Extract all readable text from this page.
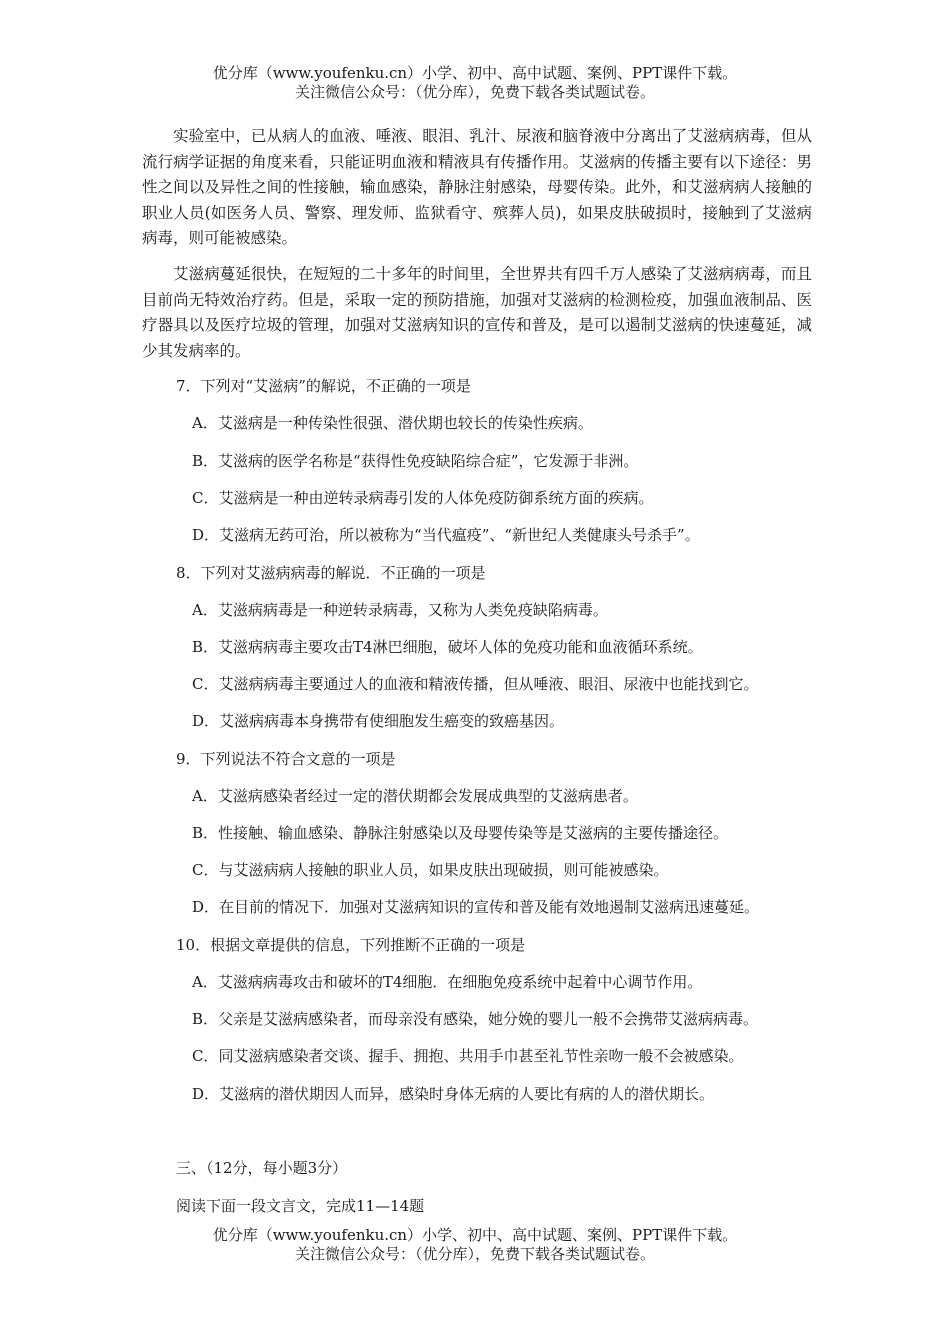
优分库（www.youfenku.cn）小学、初中、高中试题、案例、PPT课件下载。
关注微信公众号：（优分库），免费下载各类试题试卷。

实验室中，已从病人的血液、唾液、眼泪、乳汁、尿液和脑脊液中分离出了艾滋病病毒，但从流行病学证据的角度来看，只能证明血液和精液具有传播作用。艾滋病的传播主要有以下途径：男性之间以及异性之间的性接触，输血感染，静脉注射感染，母婴传染。此外，和艾滋病病人接触的职业人员(如医务人员、警察、理发师、监狱看守、殡葬人员)，如果皮肤破损时，接触到了艾滋病病毒，则可能被感染。

艾滋病蔓延很快，在短短的二十多年的时间里，全世界共有四千万人感染了艾滋病病毒，而且目前尚无特效治疗药。但是，采取一定的预防措施，加强对艾滋病的检测检疫，加强血液制品、医疗器具以及医疗垃圾的管理，加强对艾滋病知识的宣传和普及，是可以遏制艾滋病的快速蔓延，减少其发病率的。

7．下列对“艾滋病”的解说，不正确的一项是
A．艾滋病是一种传染性很强、潜伏期也较长的传染性疾病。
B．艾滋病的医学名称是“获得性免疫缺陷综合症”，它发源于非洲。
C．艾滋病是一种由逆转录病毒引发的人体免疫防御系统方面的疾病。
D．艾滋病无药可治，所以被称为“当代瘟疫”、“新世纪人类健康头号杀手”。
8．下列对艾滋病病毒的解说．不正确的一项是
A．艾滋病病毒是一种逆转录病毒，又称为人类免疫缺陷病毒。
B．艾滋病病毒主要攻击T4淋巴细胞，破坏人体的免疫功能和血液循环系统。
C．艾滋病病毒主要通过人的血液和精液传播，但从唾液、眼泪、尿液中也能找到它。
D．艾滋病病毒本身携带有使细胞发生癌变的致癌基因。
9．下列说法不符合文意的一项是
A．艾滋病感染者经过一定的潜伏期都会发展成典型的艾滋病患者。
B．性接触、输血感染、静脉注射感染以及母婴传染等是艾滋病的主要传播途径。
C．与艾滋病病人接触的职业人员，如果皮肤出现破损，则可能被感染。
D．在目前的情况下．加强对艾滋病知识的宣传和普及能有效地遏制艾滋病迅速蔓延。
10．根据文章提供的信息，下列推断不正确的一项是
A．艾滋病病毒攻击和破坏的T4细胞．在细胞免疫系统中起着中心调节作用。
B．父亲是艾滋病感染者，而母亲没有感染，她分娩的婴儿一般不会携带艾滋病病毒。
C．同艾滋病感染者交谈、握手、拥抱、共用手巾甚至礼节性亲吻一般不会被感染。
D．艾滋病的潜伏期因人而异，感染时身体无病的人要比有病的人的潜伏期长。
三、（12分，每小题3分）
阅读下面一段文言文，完成11—14题
优分库（www.youfenku.cn）小学、初中、高中试题、案例、PPT课件下载。
关注微信公众号：（优分库），免费下载各类试题试卷。
